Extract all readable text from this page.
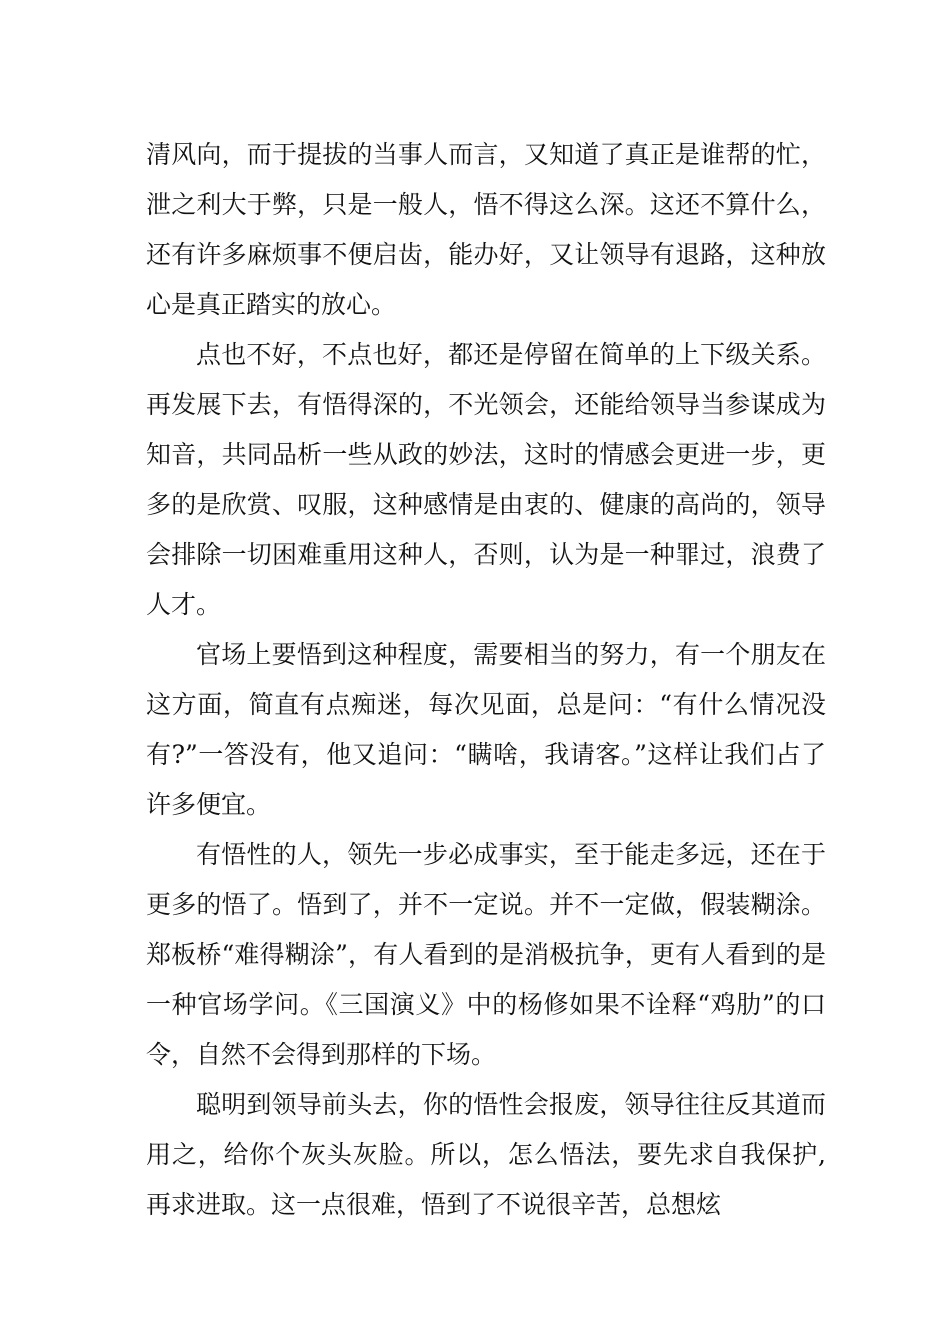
清风向，而于提拔的当事人而言，又知道了真正是谁帮的忙，泄之利大于弊，只是一般人，悟不得这么深。这还不算什么，还有许多麻烦事不便启齿，能办好，又让领导有退路，这种放心是真正踏实的放心。

点也不好，不点也好，都还是停留在简单的上下级关系。再发展下去，有悟得深的，不光领会，还能给领导当参谋成为知音，共同品析一些从政的妙法，这时的情感会更进一步，更多的是欣赏、叹服，这种感情是由衷的、健康的高尚的，领导会排除一切困难重用这种人，否则，认为是一种罪过，浪费了人才。

官场上要悟到这种程度，需要相当的努力，有一个朋友在这方面，简直有点痴迷，每次见面，总是问：“有什么情况没有?”一答没有，他又追问：“瞒啥，我请客。”这样让我们占了许多便宜。

有悟性的人，领先一步必成事实，至于能走多远，还在于更多的悟了。悟到了，并不一定说。并不一定做，假装糊涂。郑板桥“难得糊涂”，有人看到的是消极抗争，更有人看到的是一种官场学问。《三国演义》中的杨修如果不诠释“鸡肋”的口令，自然不会得到那样的下场。

聪明到领导前头去，你的悟性会报废，领导往往反其道而用之，给你个灰头灰脸。所以，怎么悟法，要先求自我保护,再求进取。这一点很难，悟到了不说很辛苦，总想炫
